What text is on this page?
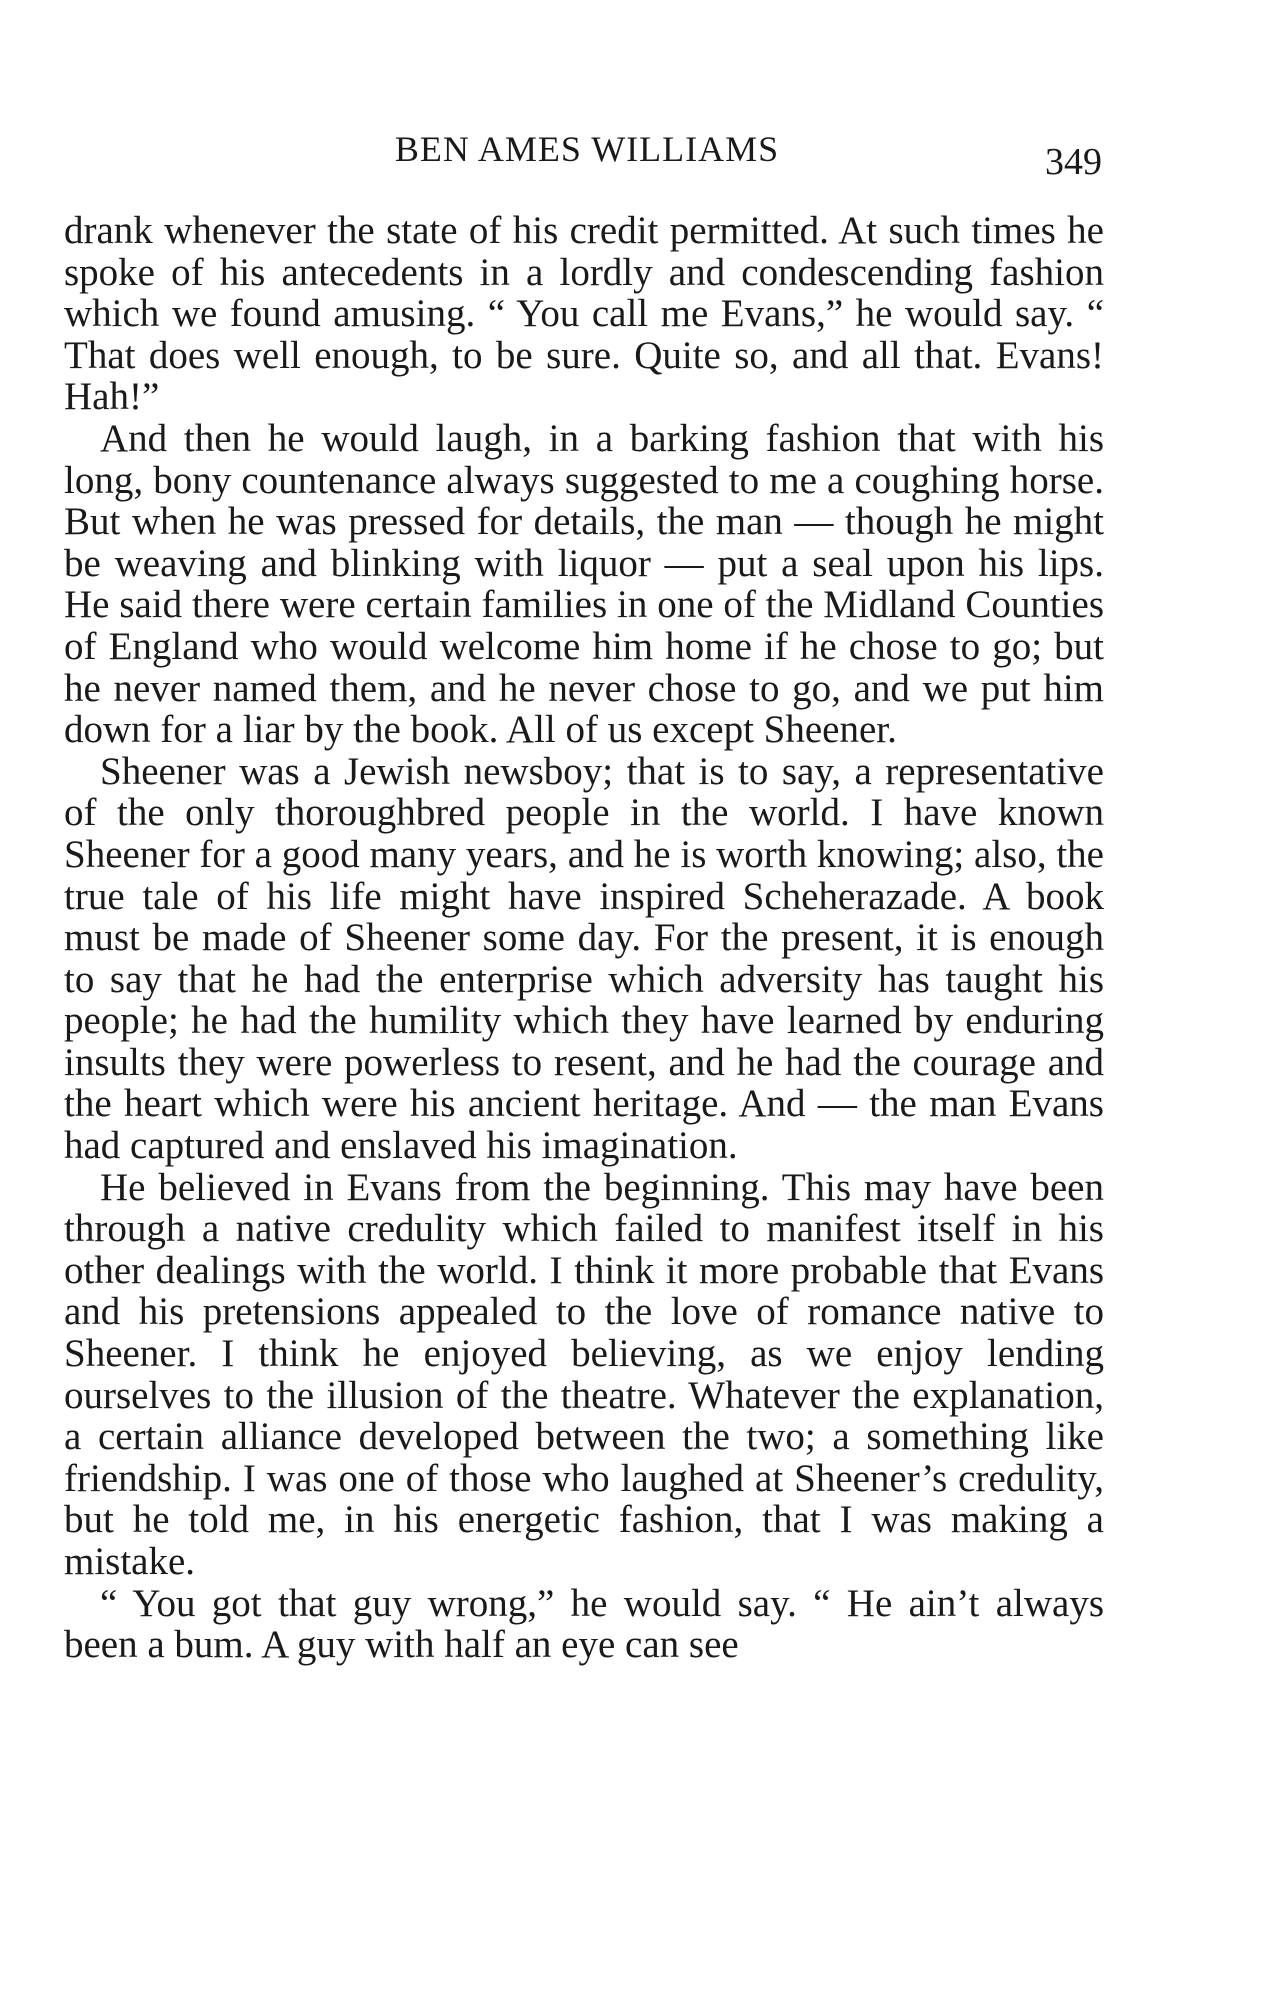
BEN AMES WILLIAMS	349

drank whenever the state of his credit permitted. At such times he spoke of his antecedents in a lordly and condescending fashion which we found amusing. “ You call me Evans,” he would say. “ That does well enough, to be sure. Quite so, and all that. Evans! Hah!”

And then he would laugh, in a barking fashion that with his long, bony countenance always suggested to me a coughing horse. But when he was pressed for details, the man — though he might be weaving and blinking with liquor — put a seal upon his lips. He said there were certain families in one of the Midland Counties of England who would welcome him home if he chose to go; but he never named them, and he never chose to go, and we put him down for a liar by the book. All of us except Sheener.

Sheener was a Jewish newsboy; that is to say, a representative of the only thoroughbred people in the world. I have known Sheener for a good many years, and he is worth knowing; also, the true tale of his life might have inspired Scheherazade. A book must be made of Sheener some day. For the present, it is enough to say that he had the enterprise which adversity has taught his people; he had the humility which they have learned by enduring insults they were powerless to resent, and he had the courage and the heart which were his ancient heritage. And — the man Evans had captured and enslaved his imagination.

He believed in Evans from the beginning. This may have been through a native credulity which failed to manifest itself in his other dealings with the world. I think it more probable that Evans and his pretensions appealed to the love of romance native to Sheener. I think he enjoyed believing, as we enjoy lending ourselves to the illusion of the theatre. Whatever the explanation, a certain alliance developed between the two; a something like friendship. I was one of those who laughed at Sheener’s credulity, but he told me, in his energetic fashion, that I was making a mistake.

“ You got that guy wrong,” he would say. “ He ain’t always been a bum. A guy with half an eye can see
